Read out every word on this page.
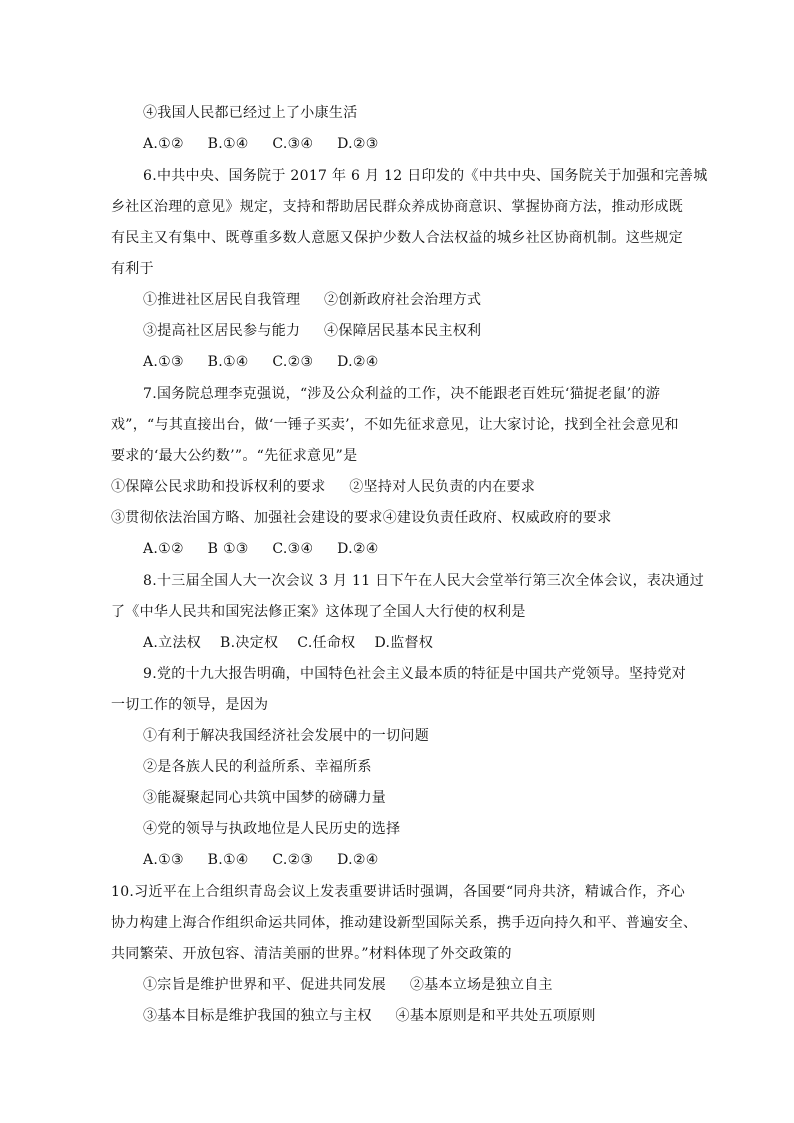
④我国人民都已经过上了小康生活
A.①②     B.①④     C.③④     D.②③
6.中共中央、国务院于 2017 年 6 月 12 日印发的《中共中央、国务院关于加强和完善城
乡社区治理的意见》规定，支持和帮助居民群众养成协商意识、掌握协商方法，推动形成既
有民主又有集中、既尊重多数人意愿又保护少数人合法权益的城乡社区协商机制。这些规定
有利于
①推进社区居民自我管理     ②创新政府社会治理方式
③提高社区居民参与能力     ④保障居民基本民主权利
A.①③     B.①④     C.②③     D.②④
7.国务院总理李克强说，“涉及公众利益的工作，决不能跟老百姓玩‘猫捉老鼠’的游
戏”，“与其直接出台，做‘一锤子买卖’，不如先征求意见，让大家讨论，找到全社会意见和
要求的‘最大公约数’”。“先征求意见”是
①保障公民求助和投诉权利的要求     ②坚持对人民负责的内在要求
③贯彻依法治国方略、加强社会建设的要求④建设负责任政府、权威政府的要求
A.①②     B ①③     C.③④     D.②④
8.十三届全国人大一次会议 3 月 11 日下午在人民大会堂举行第三次全体会议，表决通过
了《中华人民共和国宪法修正案》这体现了全国人大行使的权利是
A.立法权    B.决定权    C.任命权    D.监督权
9.党的十九大报告明确，中国特色社会主义最本质的特征是中国共产党领导。坚持党对
一切工作的领导，是因为
①有利于解决我国经济社会发展中的一切问题
②是各族人民的利益所系、幸福所系
③能凝聚起同心共筑中国梦的磅礴力量
④党的领导与执政地位是人民历史的选择
A.①③     B.①④     C.②③     D.②④
10.习近平在上合组织青岛会议上发表重要讲话时强调，各国要“同舟共济，精诚合作，齐心
协力构建上海合作组织命运共同体，推动建设新型国际关系，携手迈向持久和平、普遍安全、
共同繁荣、开放包容、清洁美丽的世界。”材料体现了外交政策的
①宗旨是维护世界和平、促进共同发展     ②基本立场是独立自主
③基本目标是维护我国的独立与主权     ④基本原则是和平共处五项原则
